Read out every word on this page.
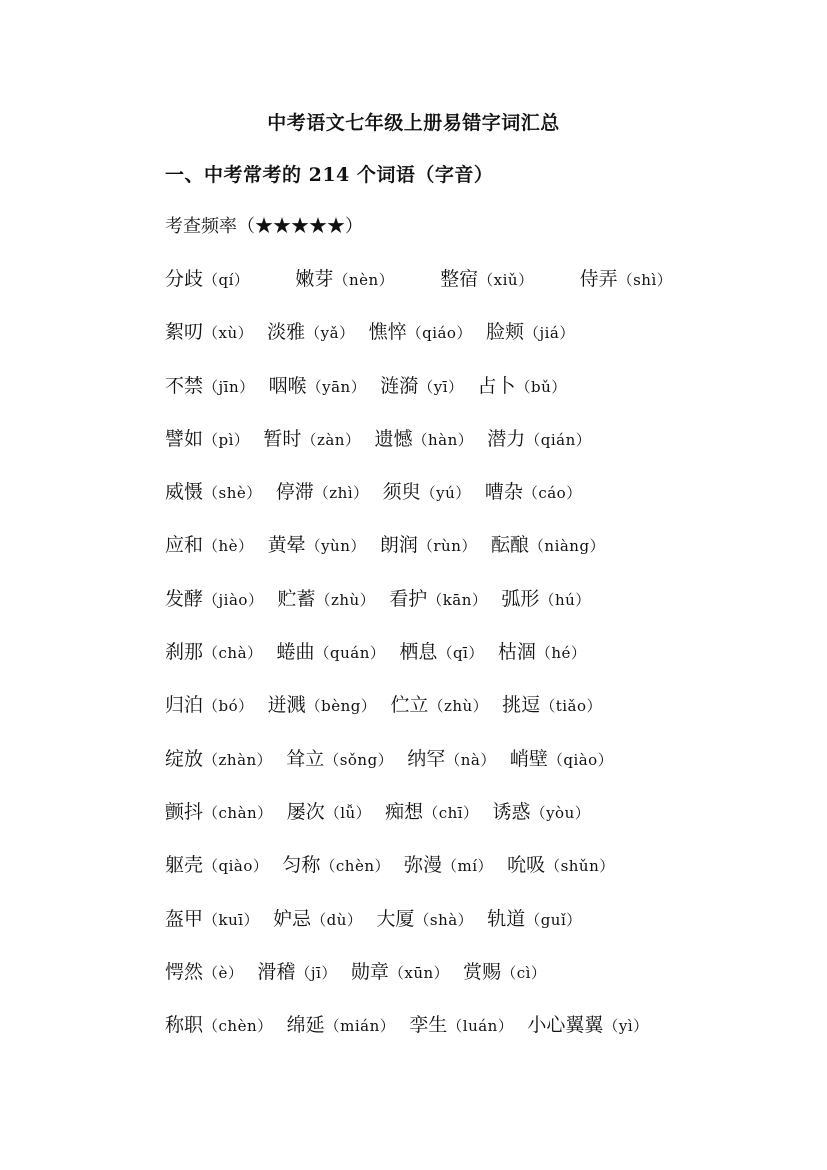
中考语文七年级上册易错字词汇总
一、中考常考的 214 个词语（字音）
考查频率（★★★★★）
分歧（qí） 嫩芽（nèn） 整宿（xiǔ） 侍弄（shì）
絮叨（xù） 淡雅（yǎ） 憔悴（qiáo） 脸颊（jiá）
不禁（jīn） 咽喉（yān） 涟漪（yī） 占卜（bǔ）
譬如（pì） 暂时（zàn） 遗憾（hàn） 潜力（qián）
威慑（shè） 停滞（zhì） 须臾（yú） 嘈杂（cáo）
应和（hè） 黄晕（yùn） 朗润（rùn） 酝酿（niàng）
发酵（jiào） 贮蓄（zhù） 看护（kān） 弧形（hú）
刹那（chà） 蜷曲（quán） 栖息（qī） 枯涸（hé）
归泊（bó） 迸溅（bèng） 伫立（zhù） 挑逗（tiǎo）
绽放（zhàn） 耸立（sǒng） 纳罕（nà） 峭壁（qiào）
颤抖（chàn） 屡次（lǚ） 痴想（chī） 诱惑（yòu）
躯壳（qiào） 匀称（chèn） 弥漫（mí） 吮吸（shǔn）
盔甲（kuī） 妒忌（dù） 大厦（shà） 轨道（guǐ）
愕然（è） 滑稽（jī） 勋章（xūn） 赏赐（cì）
称职（chèn） 绵延（mián） 孪生（luán） 小心翼翼（yì）
